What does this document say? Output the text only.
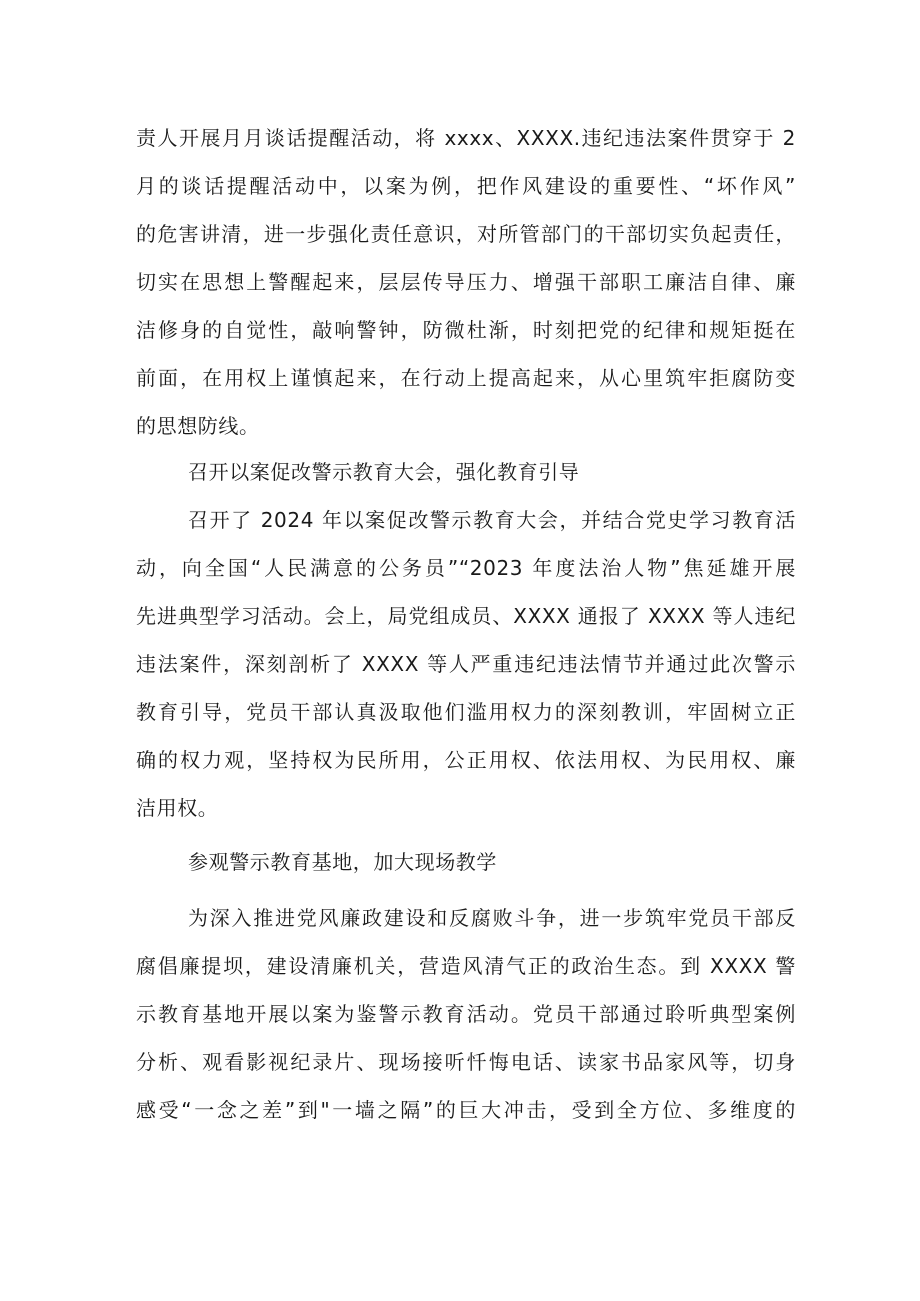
责人开展月月谈话提醒活动，将 xxxx、XXXX.违纪违法案件贯穿于 2
月的谈话提醒活动中，以案为例，把作风建设的重要性、“坏作风”
的危害讲清，进一步强化责任意识，对所管部门的干部切实负起责任，
切实在思想上警醒起来，层层传导压力、增强干部职工廉洁自律、廉
洁修身的自觉性，敲响警钟，防微杜渐，时刻把党的纪律和规矩挺在
前面，在用权上谨慎起来，在行动上提高起来，从心里筑牢拒腐防变
的思想防线。
召开以案促改警示教育大会，强化教育引导
召开了 2024 年以案促改警示教育大会，并结合党史学习教育活
动，向全国“人民满意的公务员”“2023 年度法治人物”焦延雄开展
先进典型学习活动。会上，局党组成员、XXXX 通报了 XXXX 等人违纪
违法案件，深刻剖析了 XXXX 等人严重违纪违法情节并通过此次警示
教育引导，党员干部认真汲取他们滥用权力的深刻教训，牢固树立正
确的权力观，坚持权为民所用，公正用权、依法用权、为民用权、廉
洁用权。
参观警示教育基地，加大现场教学
为深入推进党风廉政建设和反腐败斗争，进一步筑牢党员干部反
腐倡廉提坝，建设清廉机关，营造风清气正的政治生态。到 XXXX 警
示教育基地开展以案为鉴警示教育活动。党员干部通过聆听典型案例
分析、观看影视纪录片、现场接听忏悔电话、读家书品家风等，切身
感受“一念之差”到"一墙之隔”的巨大冲击，受到全方位、多维度的
